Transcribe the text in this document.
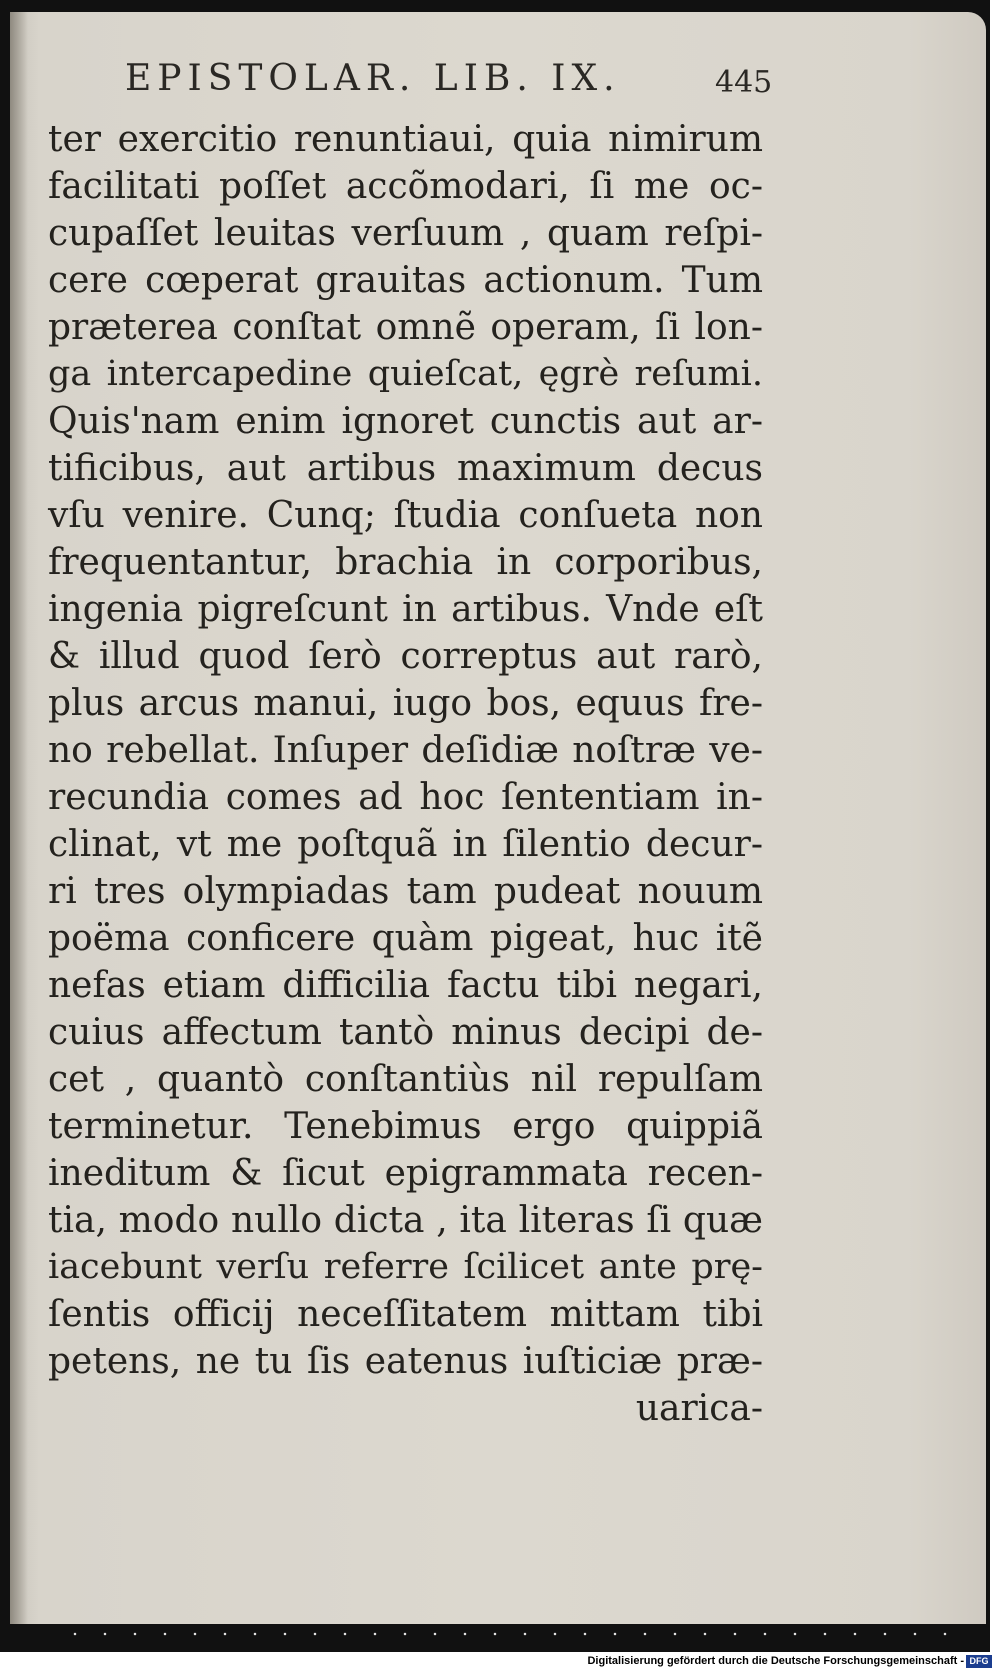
EPISTOLAR. LIB. IX.	445
ter exercitio renuntiaui, quia nimirum
facilitati poſſet accõmodari, ſi me oc-
cupaſſet leuitas verſuum , quam reſpi-
cere cœperat grauitas actionum. Tum
præterea conſtat omnẽ operam, ſi lon-
ga intercapedine quieſcat, ęgrè reſumi.
Quis'nam enim ignoret cunctis aut ar-
tificibus, aut artibus maximum decus
vſu venire. Cunq; ſtudia conſueta non
frequentantur, brachia in corporibus,
ingenia pigreſcunt in artibus. Vnde eſt
& illud quod ſerò correptus aut rarò,
plus arcus manui, iugo bos, equus fre-
no rebellat. Inſuper deſidiæ noſtræ ve-
recundia comes ad hoc ſententiam in-
clinat, vt me poſtquã in ſilentio decur-
ri tres olympiadas tam pudeat nouum
poëma conficere quàm pigeat, huc itẽ
nefas etiam difficilia factu tibi negari,
cuius affectum tantò minus decipi de-
cet , quantò conſtantiùs nil repulſam
terminetur. Tenebimus ergo quippiã
ineditum & ſicut epigrammata recen-
tia, modo nullo dicta , ita literas ſi quæ
iacebunt verſu referre ſcilicet ante prę-
ſentis officij neceſſitatem mittam tibi
petens, ne tu ſis eatenus iuſticiæ præ-
uarica-
Digitalisierung gefördert durch die Deutsche Forschungsgemeinschaft - DFG
